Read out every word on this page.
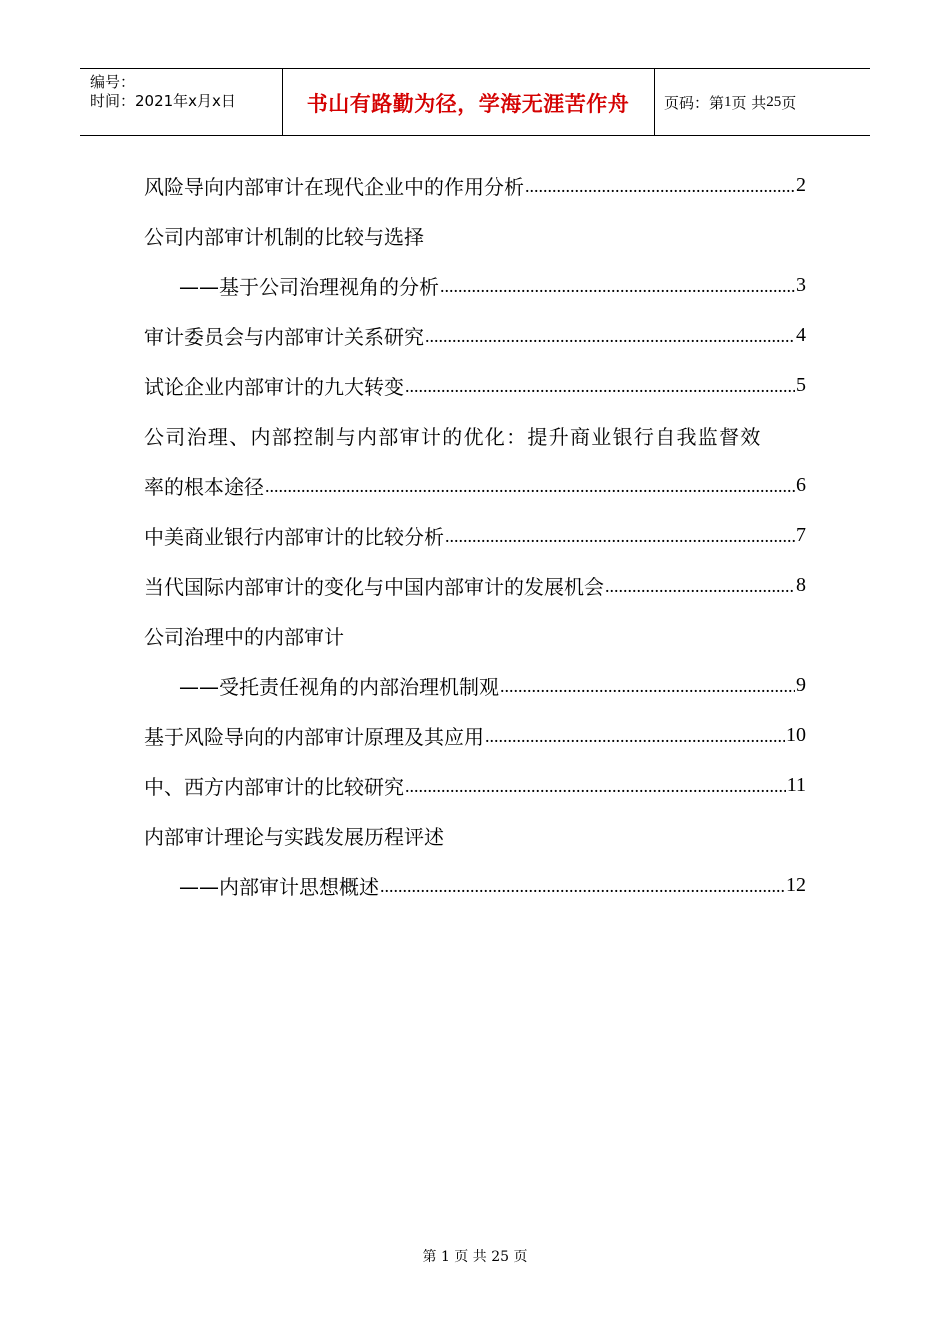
编号：
时间：2021年x月x日	书山有路勤为径，学海无涯苦作舟	页码：第 1 页 共 25 页
风险导向内部审计在现代企业中的作用分析 .....	2
公司内部审计机制的比较与选择
——基于公司治理视角的分析 .....	3
审计委员会与内部审计关系研究 .....	4
试论企业内部审计的九大转变 .....	5
公司治理、内部控制与内部审计的优化：提升商业银行自我监督效
率的根本途径 .....	6
中美商业银行内部审计的比较分析 .....	7
当代国际内部审计的变化与中国内部审计的发展机会 .....	8
公司治理中的内部审计
——受托责任视角的内部治理机制观 .....	9
基于风险导向的内部审计原理及其应用 .....	10
中、西方内部审计的比较研究 .....	11
内部审计理论与实践发展历程评述
——内部审计思想概述 .....	12
第 1 页 共 25 页
